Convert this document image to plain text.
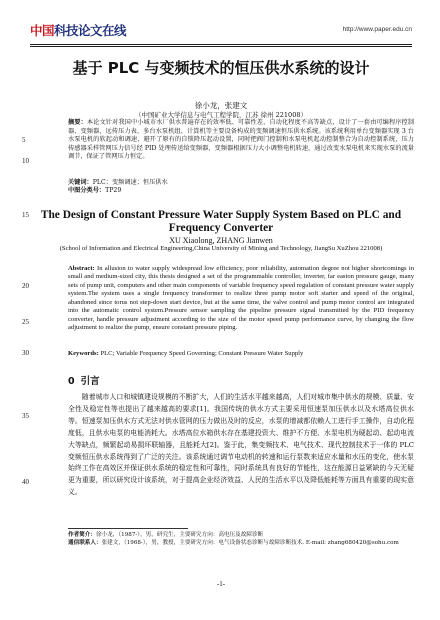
中国科技论文在线	http://www.paper.edu.cn
基于 PLC 与变频技术的恒压供水系统的设计
徐小龙，张建文
（中国矿业大学信息与电气工程学院，江苏 徐州 221008）
5
10
15
20
25
30
35
40
摘要：本论文针对我国中小城市水厂供水普遍存在的效率低、可靠性差、自动化程度不高等缺点，设计了一套由可编程序控制器、变频器、远传压力表、多台水泵机组、计算机等主要设备构成的变频调速恒压供水系统。该系统利用单台变频器实现 3 台水泵电机的软起动和调速，避开了原有的自锁降压起动设置，同时把阀门控制和水泵电机起动控制整合为自动控制系统，压力传感器采样管网压力信号经 PID 处理传送给变频器，变频器根据压力大小调整电机转速，通过改变水泵电机来实现水泵的流量调节，保证了管网压力恒定。
关键词：PLC；变频调速；恒压供水
中图分类号：TP29
The Design of Constant Pressure Water Supply System Based on PLC and Frequency Converter
XU Xiaolong, ZHANG Jianwen
(School of Information and Electrical Engineering,China University of Mining and Technology, JiangSu XuZhou 221008)
Abstract: In allusion to water supply widespread low efficiency, poor reliability, automation degree not higher shortcomings in small and medium-sized city, this thesis designed a set of the programmable controller, inverter, far easton pressure gauge, many sets of pump unit, computers and other main components of variable frequency speed regulation of constant pressure water supply system.The system uses a single frequency transformer to realize three pump motor soft starter and speed of the original, abandoned since torus not step-down start device, but at the same time, the valve control and pump motor control are integrated into the automatic control system.Pressure sensor sampling the pipeline pressure signal transmitted by the PID frequency converter, handle pressure adjustment according to the size of the motor speed pump performance curve, by changing the flow adjustment to realize the pump, ensure constant pressure piping.
Keywords: PLC; Variable Frequency Speed Governing; Constant Pressure Water Supply
0 引言

随着城市人口和城镇建设规模的不断扩大，人们的生活水平越来越高，人们对城市集中供水的规模、质量、安全性及稳定性等也提出了越来越高的要求[1]。我国传统的供水方式主要采用恒速泵加压供水以及水塔高位供水等。恒速泵加压供水方式无法对供水管网的压力做出及时的反应，水泵的增减都依赖人工进行手工操作，自动化程度低，且供水电泵的电能消耗大。水塔高位水箱供水存在基建投资大、维护不方便、水泵电机为硬起动、起动电流大等缺点，频繁起动易损坏联轴器，且能耗大[2]。鉴于此，集变频技术、电气技术、现代控制技术于一体的 PLC 变频恒压供水系统得到了广泛的关注。该系统通过调节电动机的转速和运行泵数来适应水量和水压的变化，使水泵始终工作在高效区并保证供水系统的稳定性和可靠性，同时系统具有良好的节能性，这在能源日益紧缺的今天无疑更为重要，所以研究设计该系统，对于提高企业经济效益、人民的生活水平以及降低能耗等方面具有重要的现实意义。

作者简介：徐小龙，（1987-），男，研究生，主要研究方向：高电压及故障诊断
通信联系人：张建文，（1968-），男，教授，主要研究方向：电气设备状态诊断与故障诊断技术. E-mail: zhang680420@sohu.com
-1-
